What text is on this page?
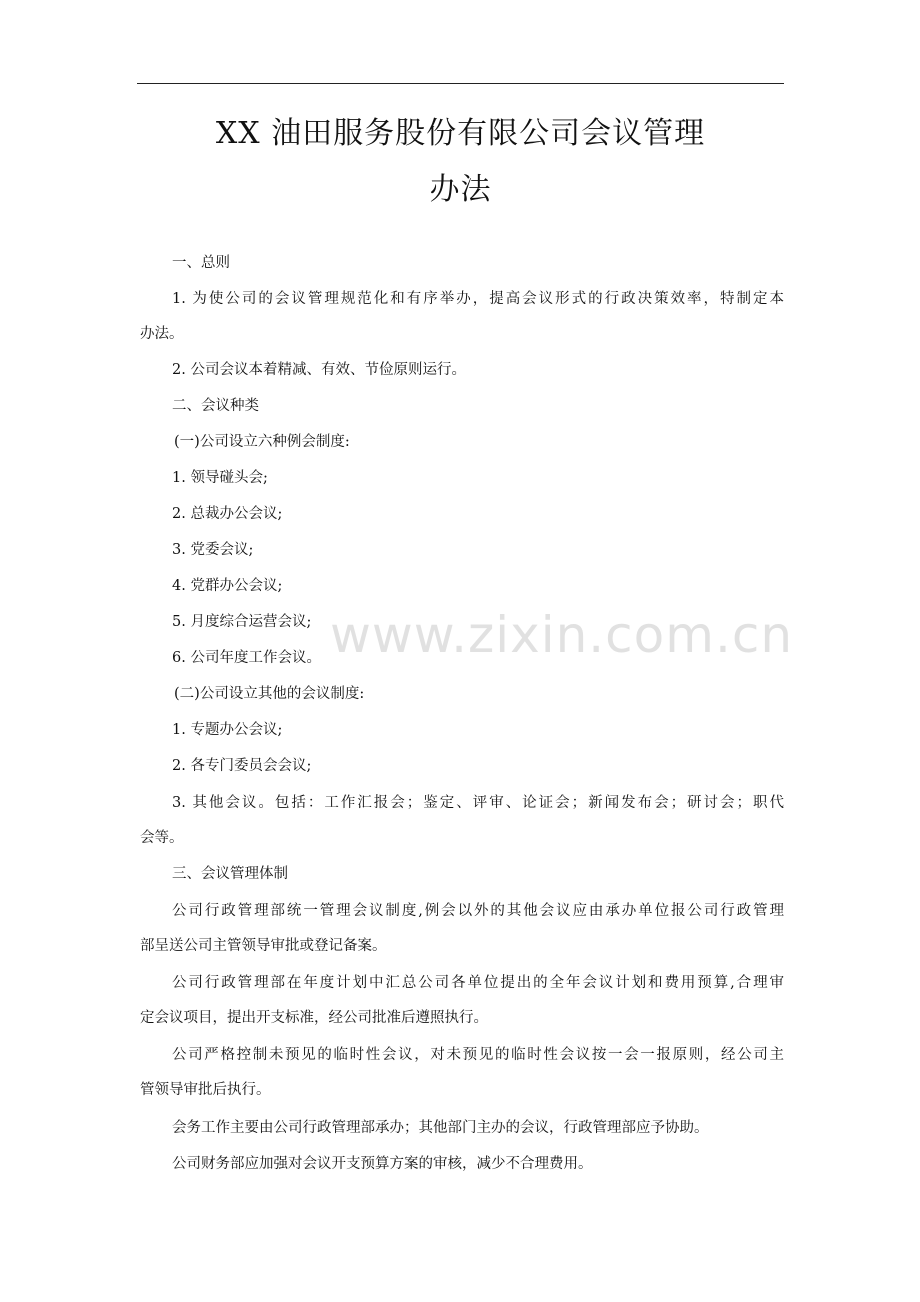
XX 油田服务股份有限公司会议管理
办法
一、总则
1. 为使公司的会议管理规范化和有序举办，提高会议形式的行政决策效率，特制定本
办法。
2. 公司会议本着精减、有效、节俭原则运行。
二、会议种类
(一)公司设立六种例会制度:
1. 领导碰头会;
2. 总裁办公会议;
3. 党委会议;
4. 党群办公会议;
5. 月度综合运营会议;
6. 公司年度工作会议。
(二)公司设立其他的会议制度:
1. 专题办公会议;
2. 各专门委员会会议;
3. 其他会议。包括：工作汇报会；鉴定、评审、论证会；新闻发布会；研讨会；职代
会等。
三、会议管理体制
公司行政管理部统一管理会议制度,例会以外的其他会议应由承办单位报公司行政管理
部呈送公司主管领导审批或登记备案。
公司行政管理部在年度计划中汇总公司各单位提出的全年会议计划和费用预算,合理审
定会议项目，提出开支标准，经公司批准后遵照执行。
公司严格控制未预见的临时性会议，对未预见的临时性会议按一会一报原则，经公司主
管领导审批后执行。
会务工作主要由公司行政管理部承办；其他部门主办的会议，行政管理部应予协助。
公司财务部应加强对会议开支预算方案的审核，减少不合理费用。
www.zixin.com.cn
